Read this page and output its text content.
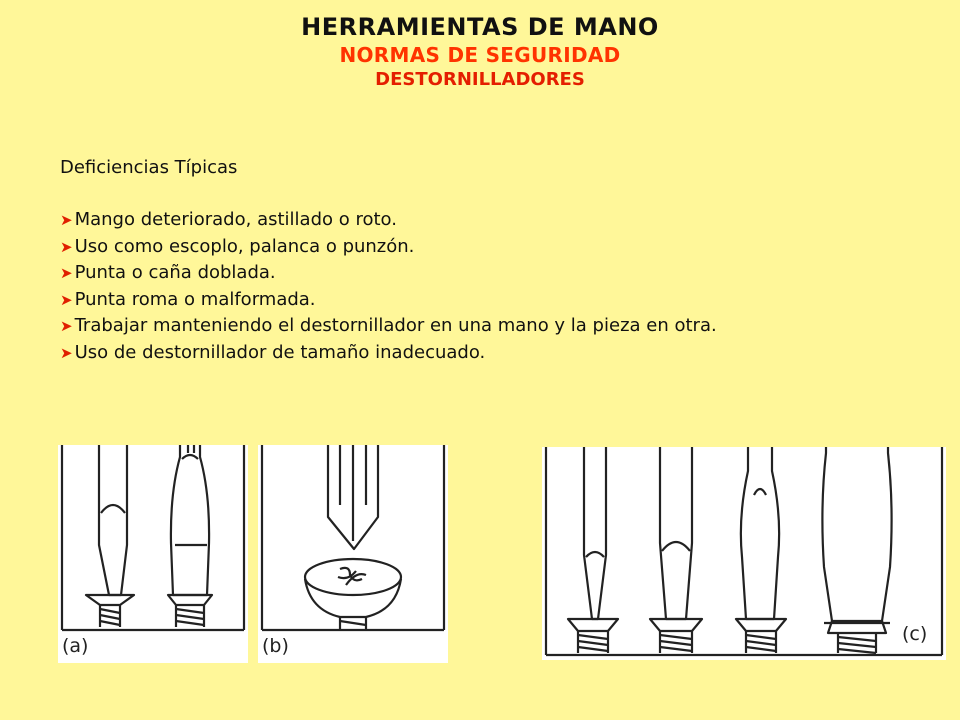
HERRAMIENTAS DE MANO
NORMAS DE SEGURIDAD
DESTORNILLADORES
Deficiencias Típicas
➤ Mango deteriorado, astillado o roto.
➤ Uso como escoplo, palanca o punzón.
➤ Punta o caña doblada.
➤ Punta roma o malformada.
➤ Trabajar manteniendo el destornillador en una mano y la pieza en otra.
➤ Uso de destornillador de tamaño inadecuado.
(a)	(b)
(c)
